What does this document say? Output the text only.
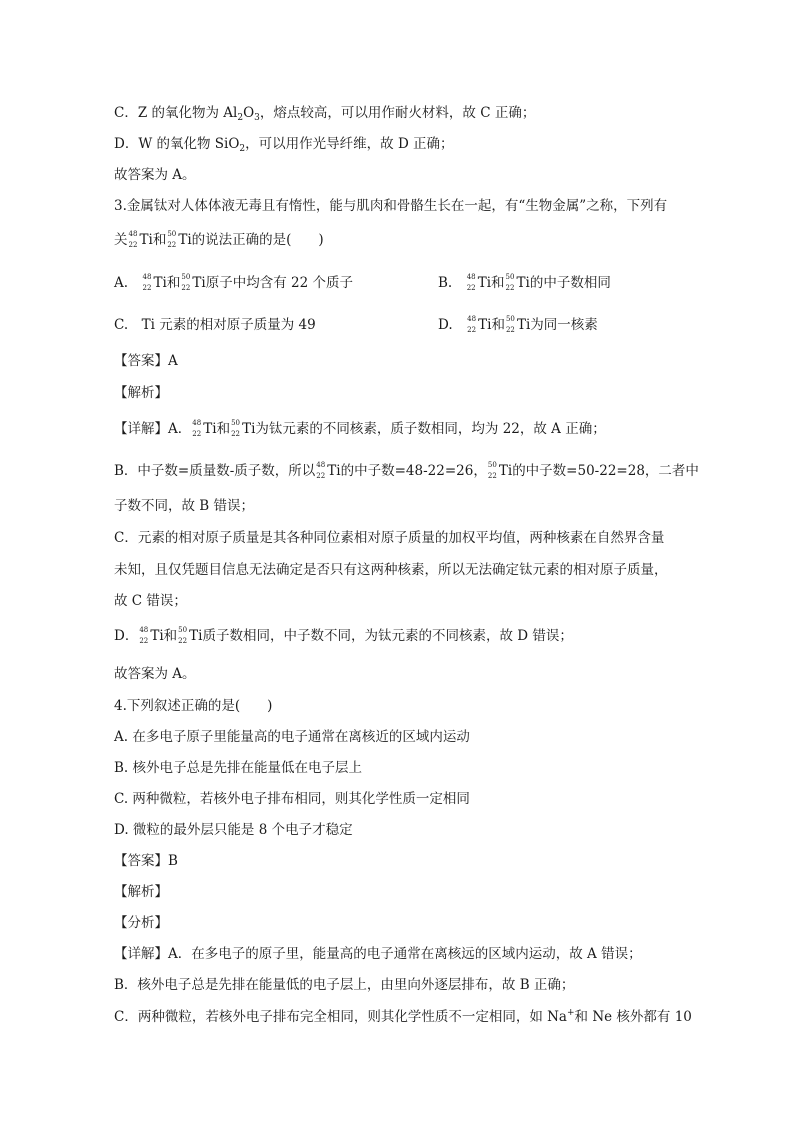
C．Z 的氧化物为 $Al_2O_3$，熔点较高，可以用作耐火材料，故 C 正确；
D．W 的氧化物 SiO$_2$，可以用作光导纤维，故 D 正确；
故答案为 A。
3.金属钛对人体体液无毒且有惰性，能与肌肉和骨骼生长在一起，有“生物金属”之称，下列有
关 48
22 Ti和 50
22 Ti的说法正确的是(　　)
A.　 48
22 Ti和 50
22 Ti原子中均含有 22 个质子	B.　 48
22 Ti和 50
22 Ti的中子数相同
C.　Ti 元素的相对原子质量为 49	D.　 48
22 Ti和 50
22 Ti为同一核素
【答案】A
【解析】
【详解】A． 48
22 Ti和 50
22 Ti为钛元素的不同核素，质子数相同，均为 22，故 A 正确；
B．中子数=质量数-质子数，所以 48
22 Ti的中子数=48-22=26， 50
22 Ti的中子数=50-22=28，二者中
子数不同，故 B 错误；
C．元素的相对原子质量是其各种同位素相对原子质量的加权平均值，两种核素在自然界含量
未知，且仅凭题目信息无法确定是否只有这两种核素，所以无法确定钛元素的相对原子质量，
故 C 错误；
D． 48
22 Ti和 50
22 Ti质子数相同，中子数不同，为钛元素的不同核素，故 D 错误；
故答案为 A。
4.下列叙述正确的是(　　)
A. 在多电子原子里能量高的电子通常在离核近的区域内运动
B. 核外电子总是先排在能量低在电子层上
C. 两种微粒，若核外电子排布相同，则其化学性质一定相同
D. 微粒的最外层只能是 8 个电子才稳定
【答案】B
【解析】
【分析】
【详解】A．在多电子的原子里，能量高的电子通常在离核远的区域内运动，故 A 错误；
B．核外电子总是先排在能量低的电子层上，由里向外逐层排布，故 B 正确；
C．两种微粒，若核外电子排布完全相同，则其化学性质不一定相同，如 Na+和 Ne 核外都有 10
